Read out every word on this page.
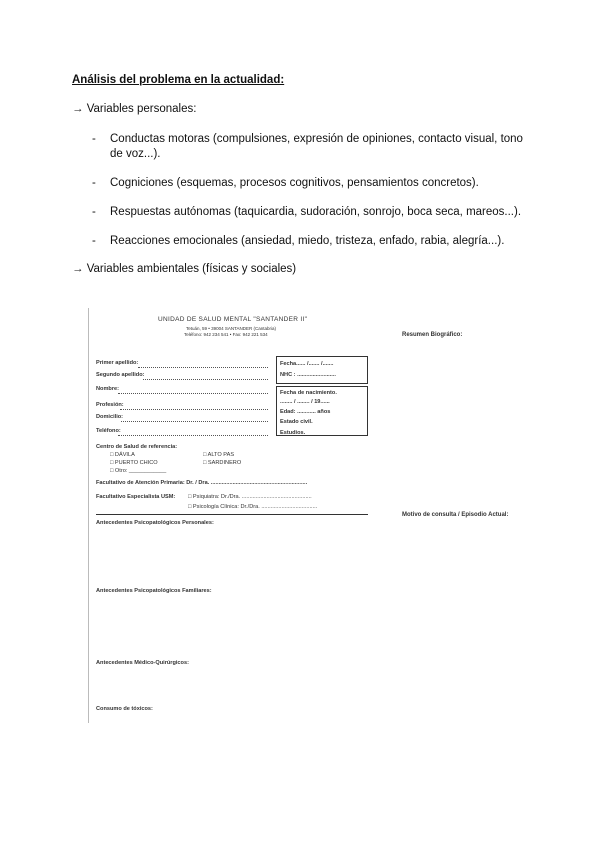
Análisis del problema en la actualidad:
→ Variables personales:
- Conductas motoras (compulsiones, expresión de opiniones, contacto visual, tono de voz...).
- Cogniciones (esquemas, procesos cognitivos, pensamientos concretos).
- Respuestas autónomas (taquicardia, sudoración, sonrojo, boca seca, mareos...).
- Reacciones emocionales (ansiedad, miedo, tristeza, enfado, rabia, alegría...).
→ Variables ambientales (físicas y sociales)
UNIDAD DE SALUD MENTAL "SANTANDER II"
Tetuán, 59 • 39004 SANTANDER (Cantabria)
Teléfono: 942 234 541 • Fax: 942 221 534	Resumen Biográfico:
Primer apellido:
Segundo apellido:
Nombre:
Profesión:
Domicilio:
Teléfono:
Fecha...... /....... /.......
NHC : .........................
Fecha de nacimiento.
........ / ........ / 19......
Edad: ............ años
Estado civil.
Estudios.
Centro de Salud de referencia:
□ DÁVILA
□ PUERTO CHICO
□ Otro: ____________
□ ALTO PAS
□ SARDINERO
Facultativo de Atención Primaria: Dr. / Dra. ..............................................................
Facultativo Especialista USM: □ Psiquiatra: Dr./Dra. .............................................
□ Psicología Clínica: Dr./Dra. ....................................
Motivo de consulta / Episodio Actual:
Antecedentes Psicopatológicos Personales:
Antecedentes Psicopatológicos Familiares:
Antecedentes Médico-Quirúrgicos:
Consumo de tóxicos:
